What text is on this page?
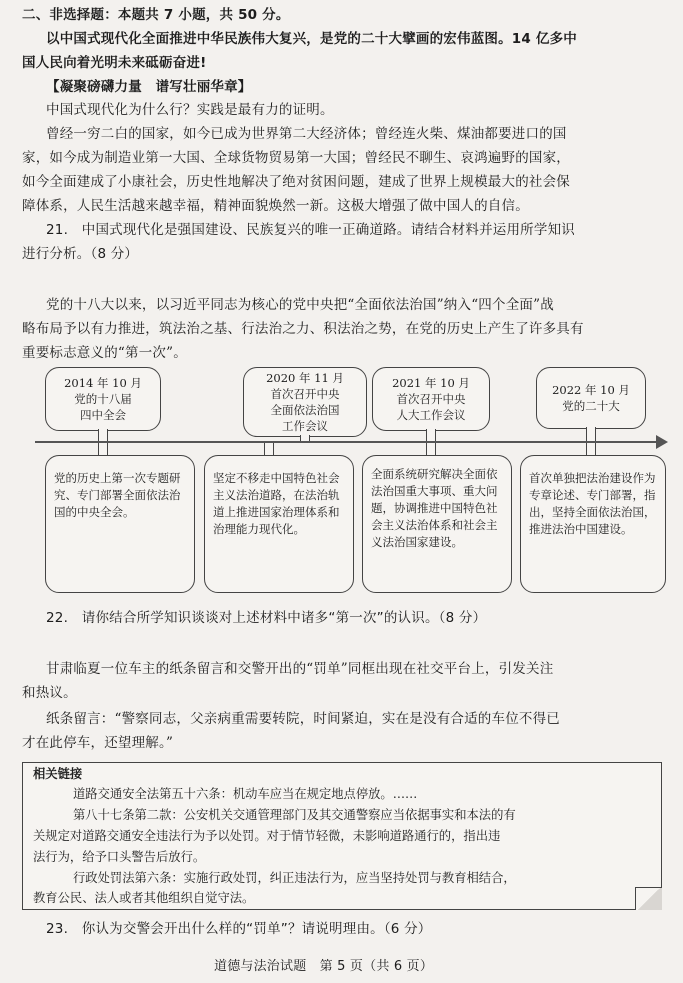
二、非选择题：本题共 7 小题，共 50 分。
以中国式现代化全面推进中华民族伟大复兴，是党的二十大擘画的宏伟蓝图。14 亿多中
国人民向着光明未来砥砺奋进!
【凝聚磅礴力量　谱写壮丽华章】
中国式现代化为什么行？实践是最有力的证明。
曾经一穷二白的国家，如今已成为世界第二大经济体；曾经连火柴、煤油都要进口的国
家，如今成为制造业第一大国、全球货物贸易第一大国；曾经民不聊生、哀鸿遍野的国家，
如今全面建成了小康社会，历史性地解决了绝对贫困问题，建成了世界上规模最大的社会保
障体系，人民生活越来越幸福，精神面貌焕然一新。这极大增强了做中国人的自信。
21.　中国式现代化是强国建设、民族复兴的唯一正确道路。请结合材料并运用所学知识
进行分析。（8 分）
党的十八大以来，以习近平同志为核心的党中央把“全面依法治国”纳入“四个全面”战
略布局予以有力推进，筑法治之基、行法治之力、积法治之势，在党的历史上产生了许多具有
重要标志意义的“第一次”。
2014 年 10 月
党的十八届
四中全会
2020 年 11 月
首次召开中央
全面依法治国
工作会议
2021 年 10 月
首次召开中央
人大工作会议
2022 年 10 月
党的二十大
党的历史上第一次专题研究、专门部署全面依法治国的中央全会。
坚定不移走中国特色社会主义法治道路，在法治轨道上推进国家治理体系和治理能力现代化。
全面系统研究解决全面依法治国重大事项、重大问题，协调推进中国特色社会主义法治体系和社会主义法治国家建设。
首次单独把法治建设作为专章论述、专门部署，指出，坚持全面依法治国，推进法治中国建设。
22.　请你结合所学知识谈谈对上述材料中诸多“第一次”的认识。（8 分）
甘肃临夏一位车主的纸条留言和交警开出的“罚单”同框出现在社交平台上，引发关注
和热议。
纸条留言：“警察同志，父亲病重需要转院，时间紧迫，实在是没有合适的车位不得已
才在此停车，还望理解。”
相关链接
道路交通安全法第五十六条：机动车应当在规定地点停放。……
第八十七条第二款：公安机关交通管理部门及其交通警察应当依据事实和本法的有
关规定对道路交通安全违法行为予以处罚。对于情节轻微，未影响道路通行的，指出违
法行为，给予口头警告后放行。
行政处罚法第六条：实施行政处罚，纠正违法行为，应当坚持处罚与教育相结合，
教育公民、法人或者其他组织自觉守法。
23.　你认为交警会开出什么样的“罚单”？请说明理由。（6 分）
道德与法治试题　第 5 页（共 6 页）
